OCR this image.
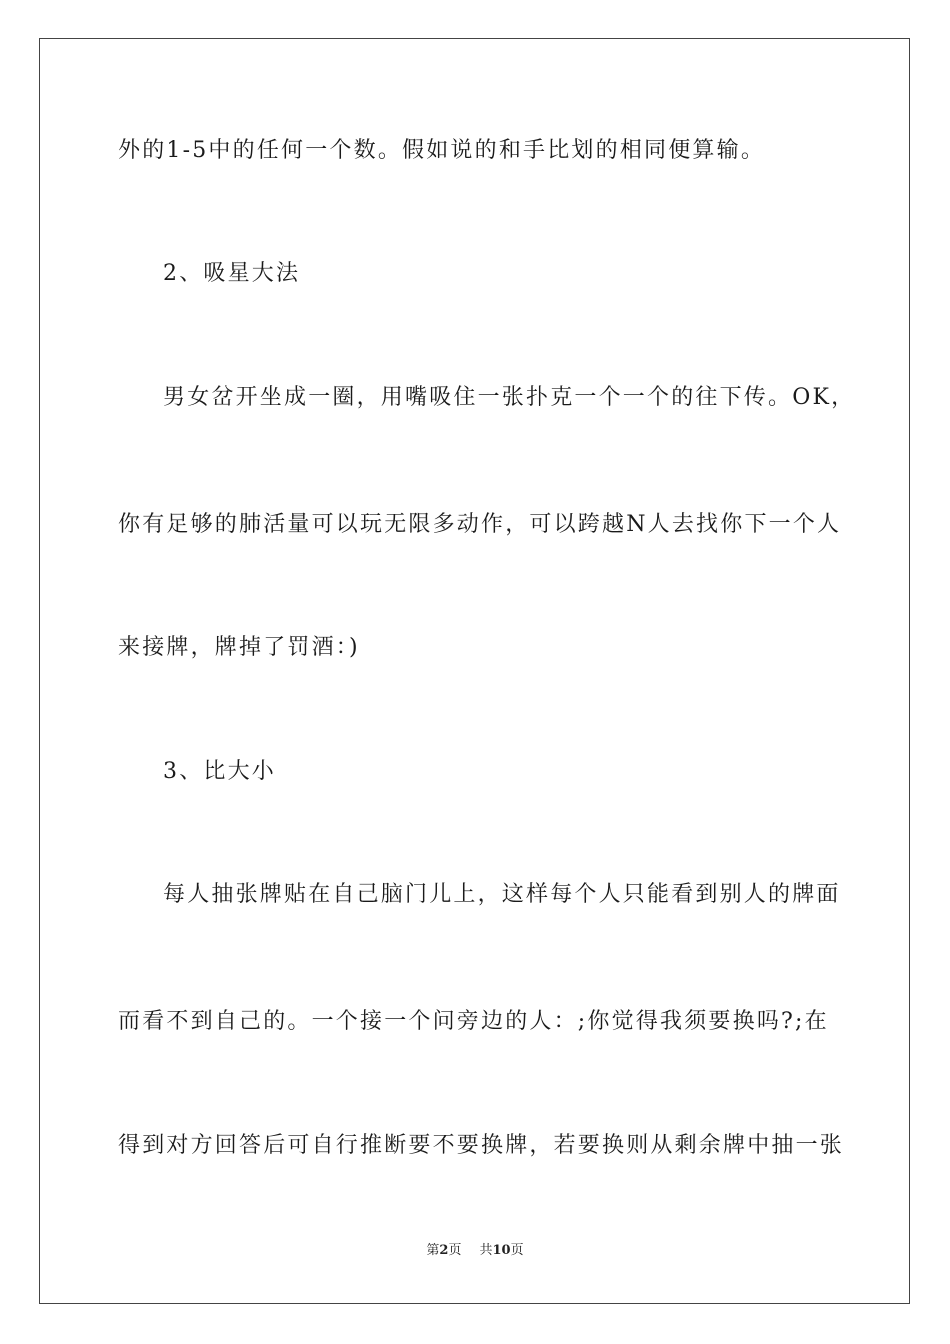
外的1-5中的任何一个数。假如说的和手比划的相同便算输。
2、吸星大法
男女岔开坐成一圈，用嘴吸住一张扑克一个一个的往下传。OK，
你有足够的肺活量可以玩无限多动作，可以跨越N人去找你下一个人
来接牌，牌掉了罚酒：)
3、比大小
每人抽张牌贴在自己脑门儿上，这样每个人只能看到别人的牌面
而看不到自己的。一个接一个问旁边的人：;你觉得我须要换吗?;在
得到对方回答后可自行推断要不要换牌，若要换则从剩余牌中抽一张
第2页 共10页
